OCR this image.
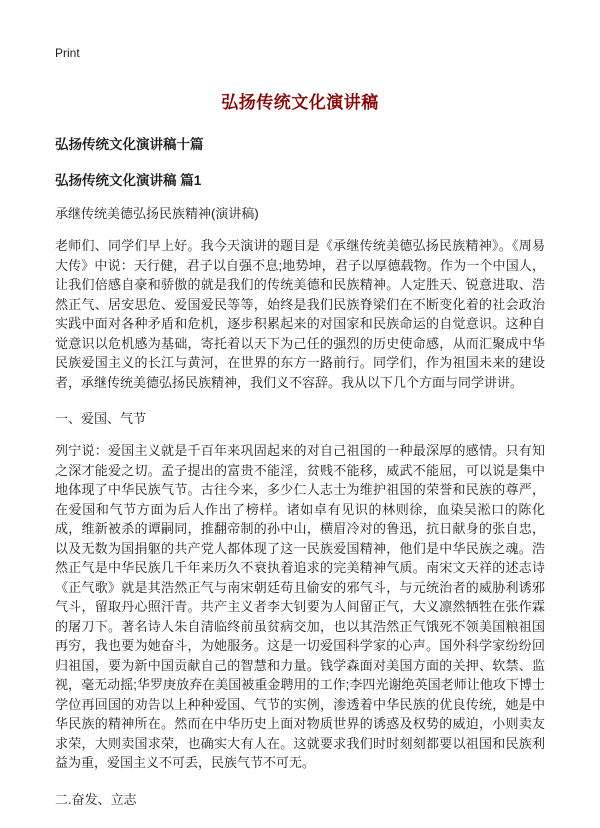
Print
弘扬传统文化演讲稿
弘扬传统文化演讲稿十篇
弘扬传统文化演讲稿 篇1
承继传统美德弘扬民族精神(演讲稿)

老师们、同学们早上好。我今天演讲的题目是《承继传统美德弘扬民族精神》。《周易大传》中说：天行健，君子以自强不息;地势坤，君子以厚德载物。作为一个中国人，让我们倍感自豪和骄傲的就是我们的传统美德和民族精神。人定胜天、锐意进取、浩然正气、居安思危、爱国爱民等等，始终是我们民族脊梁们在不断变化着的社会政治实践中面对各种矛盾和危机，逐步积累起来的对国家和民族命运的自觉意识。这种自觉意识以危机感为基础，寄托着以天下为己任的强烈的历史使命感，从而汇聚成中华民族爱国主义的长江与黄河，在世界的东方一路前行。同学们，作为祖国未来的建设者，承继传统美德弘扬民族精神，我们义不容辞。我从以下几个方面与同学讲讲。

一、爱国、气节

列宁说：爱国主义就是千百年来巩固起来的对自己祖国的一种最深厚的感情。只有知之深才能爱之切。孟子提出的富贵不能淫，贫贱不能移，威武不能屈，可以说是集中地体现了中华民族气节。古往今来，多少仁人志士为维护祖国的荣誉和民族的尊严，在爱国和气节方面为后人作出了榜样。诸如卓有见识的林则徐，血染吴淞口的陈化成，维新被杀的谭嗣同，推翻帝制的孙中山，横眉冷对的鲁迅，抗日献身的张自忠，以及无数为国捐躯的共产党人都体现了这一民族爱国精神，他们是中华民族之魂。浩然正气是中华民族几千年来历久不衰执着追求的完美精神气质。南宋文天祥的述志诗《正气歌》就是其浩然正气与南宋朝廷苟且偷安的邪气斗，与元统治者的威胁利诱邪气斗，留取丹心照汗青。共产主义者李大钊要为人间留正气，大义凛然牺牲在张作霖的屠刀下。著名诗人朱自清临终前虽贫病交加，也以其浩然正气饿死不领美国粮祖国再穷，我也要为她奋斗，为她服务。这是一切爱国科学家的心声。国外科学家纷纷回归祖国，要为新中国贡献自己的智慧和力量。钱学森面对美国方面的关押、软禁、监视，毫无动摇;华罗庚放弃在美国被重金聘用的工作;李四光谢绝英国老师让他攻下博士学位再回国的劝告以上种种爱国、气节的实例，渗透着中华民族的优良传统，她是中华民族的精神所在。然而在中华历史上面对物质世界的诱惑及权势的威迫，小则卖友求荣，大则卖国求荣，也确实大有人在。这就要求我们时时刻刻都要以祖国和民族利益为重，爱国主义不可丢，民族气节不可无。

二.奋发、立志
